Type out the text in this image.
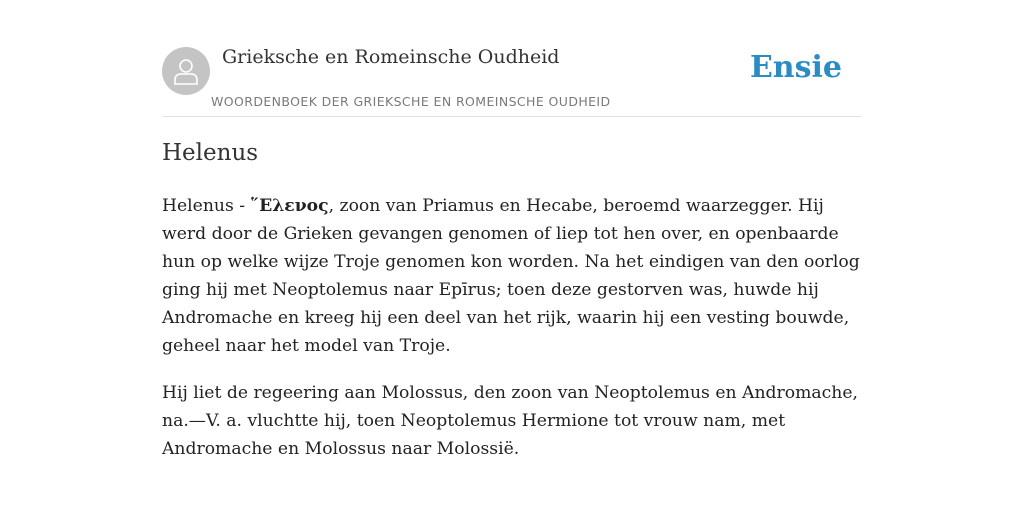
Grieksche en Romeinsche Oudheid
WOORDENBOEK DER GRIEKSCHE EN ROMEINSCHE OUDHEID
Ensie
Helenus

Helenus - ῞Ελενος, zoon van Priamus en Hecabe, beroemd waarzegger. Hij werd door de Grieken gevangen genomen of liep tot hen over, en openbaarde hun op welke wijze Troje genomen kon worden. Na het eindigen van den oorlog ging hij met Neoptolemus naar Epīrus; toen deze gestorven was, huwde hij Andromache en kreeg hij een deel van het rijk, waarin hij een vesting bouwde, geheel naar het model van Troje.

Hij liet de regeering aan Molossus, den zoon van Neoptolemus en Andromache, na.—V. a. vluchtte hij, toen Neoptolemus Hermione tot vrouw nam, met Andromache en Molossus naar Molossië.
